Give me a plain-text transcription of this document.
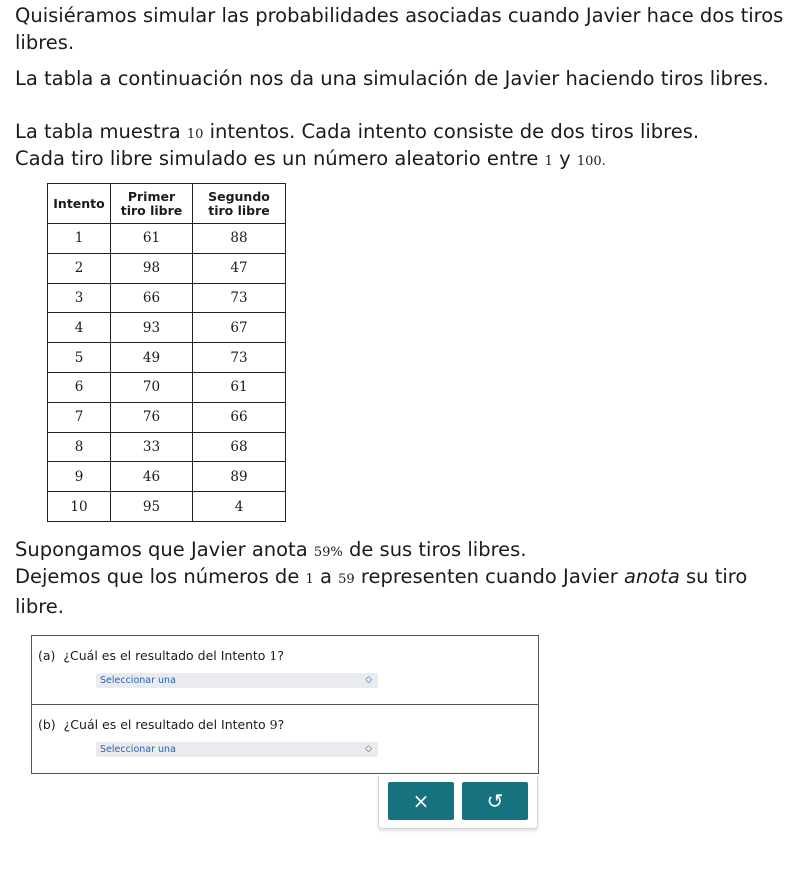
Quisiéramos simular las probabilidades asociadas cuando Javier hace dos tiros libres.

La tabla a continuación nos da una simulación de Javier haciendo tiros libres.

La tabla muestra 10 intentos. Cada intento consiste de dos tiros libres.

Cada tiro libre simulado es un número aleatorio entre 1 y 100.

Intento	Primer tiro libre	Segundo tiro libre

1	61	88
2	98	47
3	66	73
4	93	67
5	49	73
6	70	61
7	76	66
8	33	68
9	46	89
10	95	4

Supongamos que Javier anota 59% de sus tiros libres.

Dejemos que los números de 1 a 59 representen cuando Javier anota su tiro libre.

(a) ¿Cuál es el resultado del Intento 1?
Seleccionar una	◇
(b) ¿Cuál es el resultado del Intento 9?
Seleccionar una	◇
×	↺
